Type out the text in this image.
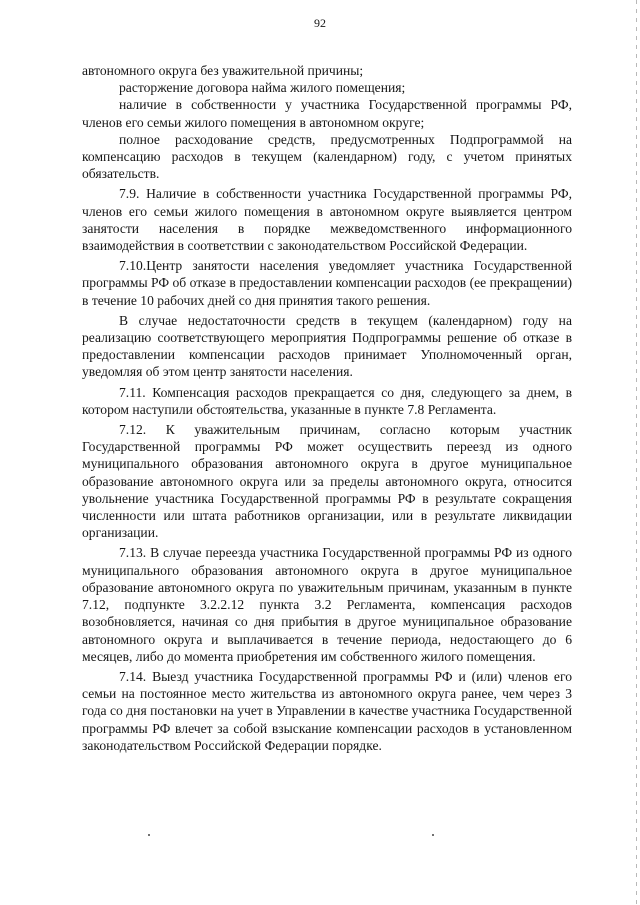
92

автономного округа без уважительной причины;

расторжение договора найма жилого помещения;

наличие в собственности у участника Государственной программы РФ, членов его семьи жилого помещения в автономном округе;

полное расходование средств, предусмотренных Подпрограммой на компенсацию расходов в текущем (календарном) году, с учетом принятых обязательств.

7.9. Наличие в собственности участника Государственной программы РФ, членов его семьи жилого помещения в автономном округе выявляется центром занятости населения в порядке межведомственного информационного взаимодействия в соответствии с законодательством Российской Федерации.

7.10.Центр занятости населения уведомляет участника Государственной программы РФ об отказе в предоставлении компенсации расходов (ее прекращении) в течение 10 рабочих дней со дня принятия такого решения.

В случае недостаточности средств в текущем (календарном) году на реализацию соответствующего мероприятия Подпрограммы решение об отказе в предоставлении компенсации расходов принимает Уполномоченный орган, уведомляя об этом центр занятости населения.

7.11. Компенсация расходов прекращается со дня, следующего за днем, в котором наступили обстоятельства, указанные в пункте 7.8 Регламента.

7.12. К уважительным причинам, согласно которым участник Государственной программы РФ может осуществить переезд из одного муниципального образования автономного округа в другое муниципальное образование автономного округа или за пределы автономного округа, относится увольнение участника Государственной программы РФ в результате сокращения численности или штата работников организации, или в результате ликвидации организации.

7.13. В случае переезда участника Государственной программы РФ из одного муниципального образования автономного округа в другое муниципальное образование автономного округа по уважительным причинам, указанным в пункте 7.12, подпункте 3.2.2.12 пункта 3.2 Регламента, компенсация расходов возобновляется, начиная со дня прибытия в другое муниципальное образование автономного округа и выплачивается в течение периода, недостающего до 6 месяцев, либо до момента приобретения им собственного жилого помещения.

7.14. Выезд участника Государственной программы РФ и (или) членов его семьи на постоянное место жительства из автономного округа ранее, чем через 3 года со дня постановки на учет в Управлении в качестве участника Государственной программы РФ влечет за собой взыскание компенсации расходов в установленном законодательством Российской Федерации порядке.
